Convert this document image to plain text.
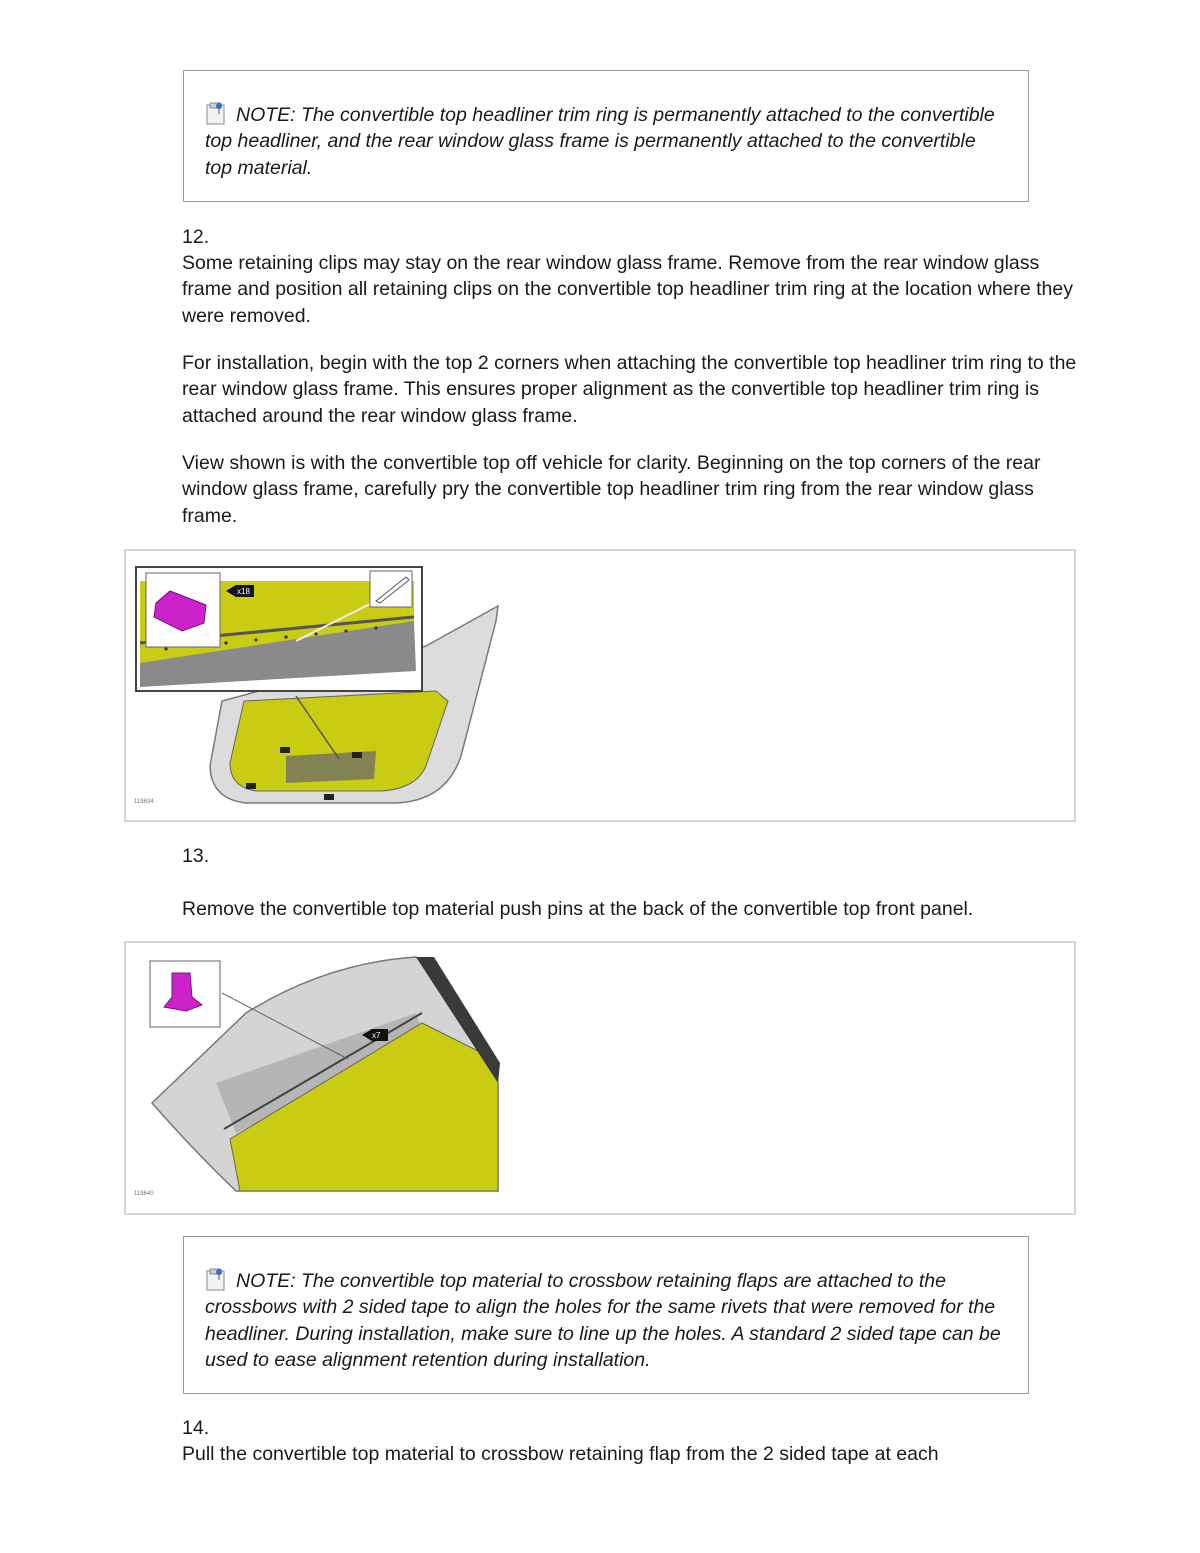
NOTE: The convertible top headliner trim ring is permanently attached to the convertible top headliner, and the rear window glass frame is permanently attached to the convertible top material.
12.
Some retaining clips may stay on the rear window glass frame. Remove from the rear window glass frame and position all retaining clips on the convertible top headliner trim ring at the location where they were removed.
For installation, begin with the top 2 corners when attaching the convertible top headliner trim ring to the rear window glass frame. This ensures proper alignment as the convertible top headliner trim ring is attached around the rear window glass frame.
View shown is with the convertible top off vehicle for clarity. Beginning on the top corners of the rear window glass frame, carefully pry the convertible top headliner trim ring from the rear window glass frame.
x18
119634
13.
Remove the convertible top material push pins at the back of the convertible top front panel.
x7
119640
NOTE: The convertible top material to crossbow retaining flaps are attached to the crossbows with 2 sided tape to align the holes for the same rivets that were removed for the headliner. During installation, make sure to line up the holes. A standard 2 sided tape can be used to ease alignment retention during installation.
14.
Pull the convertible top material to crossbow retaining flap from the 2 sided tape at each
